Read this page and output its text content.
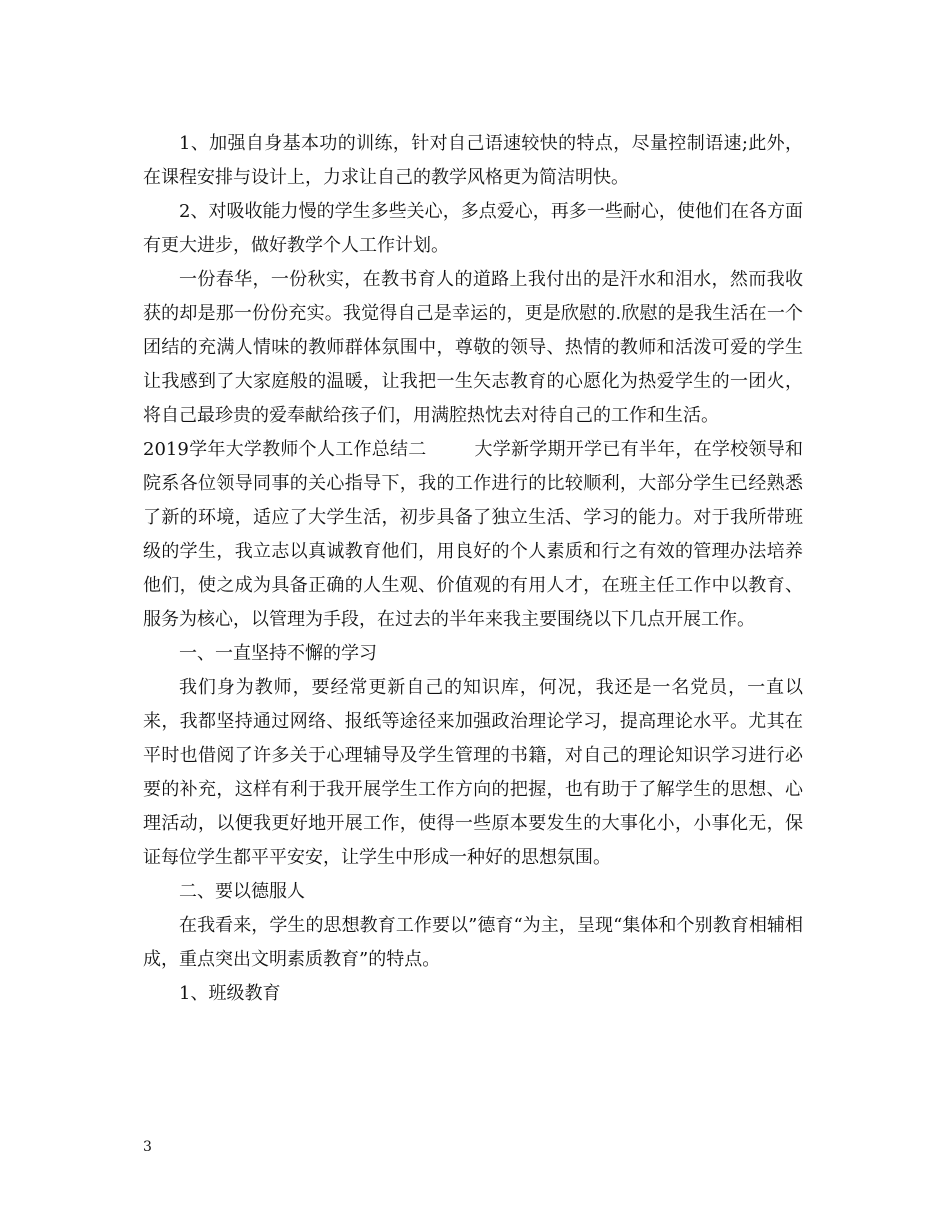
1、加强自身基本功的训练，针对自己语速较快的特点，尽量控制语速;此外，在课程安排与设计上，力求让自己的教学风格更为简洁明快。

2、对吸收能力慢的学生多些关心，多点爱心，再多一些耐心，使他们在各方面有更大进步，做好教学个人工作计划。

一份春华，一份秋实，在教书育人的道路上我付出的是汗水和泪水，然而我收获的却是那一份份充实。我觉得自己是幸运的，更是欣慰的.欣慰的是我生活在一个团结的充满人情味的教师群体氛围中，尊敬的领导、热情的教师和活泼可爱的学生让我感到了大家庭般的温暖，让我把一生矢志教育的心愿化为热爱学生的一团火，将自己最珍贵的爱奉献给孩子们，用满腔热忱去对待自己的工作和生活。

2019学年大学教师个人工作总结二        大学新学期开学已有半年，在学校领导和院系各位领导同事的关心指导下，我的工作进行的比较顺利，大部分学生已经熟悉了新的环境，适应了大学生活，初步具备了独立生活、学习的能力。对于我所带班级的学生，我立志以真诚教育他们，用良好的个人素质和行之有效的管理办法培养他们，使之成为具备正确的人生观、价值观的有用人才，在班主任工作中以教育、服务为核心，以管理为手段，在过去的半年来我主要围绕以下几点开展工作。

一、一直坚持不懈的学习

我们身为教师，要经常更新自己的知识库，何况，我还是一名党员，一直以来，我都坚持通过网络、报纸等途径来加强政治理论学习，提高理论水平。尤其在平时也借阅了许多关于心理辅导及学生管理的书籍，对自己的理论知识学习进行必要的补充，这样有利于我开展学生工作方向的把握，也有助于了解学生的思想、心理活动，以便我更好地开展工作，使得一些原本要发生的大事化小，小事化无，保证每位学生都平平安安，让学生中形成一种好的思想氛围。

二、要以德服人

在我看来，学生的思想教育工作要以”德育“为主，呈现“集体和个别教育相辅相成，重点突出文明素质教育”的特点。

1、班级教育

3
